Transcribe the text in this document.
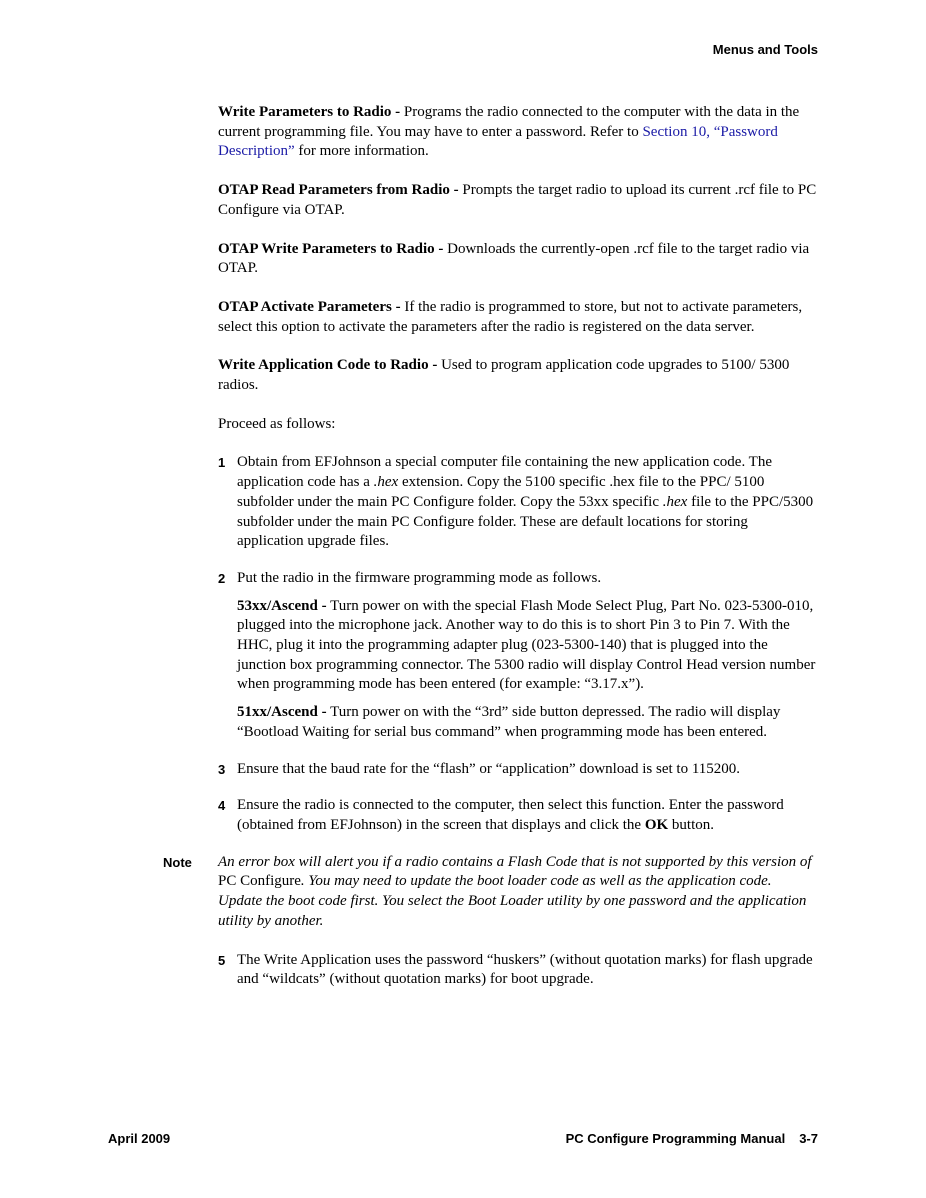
Menus and Tools

Write Parameters to Radio - Programs the radio connected to the computer with the data in the current programming file. You may have to enter a password. Refer to Section 10, “Password Description” for more information.

OTAP Read Parameters from Radio - Prompts the target radio to upload its current .rcf file to PC Configure via OTAP.

OTAP Write Parameters to Radio - Downloads the currently-open .rcf file to the target radio via OTAP.

OTAP Activate Parameters - If the radio is programmed to store, but not to activate parameters, select this option to activate the parameters after the radio is registered on the data server.

Write Application Code to Radio - Used to program application code upgrades to 5100/ 5300 radios.

Proceed as follows:

1 Obtain from EFJohnson a special computer file containing the new application code. The application code has a .hex extension. Copy the 5100 specific .hex file to the PPC/ 5100 subfolder under the main PC Configure folder. Copy the 53xx specific .hex file to the PPC/5300 subfolder under the main PC Configure folder. These are default locations for storing application upgrade files.
2 Put the radio in the firmware programming mode as follows.

53xx/Ascend - Turn power on with the special Flash Mode Select Plug, Part No. 023-5300-010, plugged into the microphone jack. Another way to do this is to short Pin 3 to Pin 7. With the HHC, plug it into the programming adapter plug (023-5300-140) that is plugged into the junction box programming connector. The 5300 radio will display Control Head version number when programming mode has been entered (for example: “3.17.x”).

51xx/Ascend - Turn power on with the “3rd” side button depressed. The radio will display “Bootload Waiting for serial bus command” when programming mode has been entered.

3 Ensure that the baud rate for the “flash” or “application” download is set to 115200.
4 Ensure the radio is connected to the computer, then select this function. Enter the password (obtained from EFJohnson) in the screen that displays and click the OK button.
Note An error box will alert you if a radio contains a Flash Code that is not supported by this version of PC Configure. You may need to update the boot loader code as well as the application code. Update the boot code first. You select the Boot Loader utility by one password and the application utility by another.
5 The Write Application uses the password “huskers” (without quotation marks) for flash upgrade and “wildcats” (without quotation marks) for boot upgrade.
April 2009	PC Configure Programming Manual 3-7
